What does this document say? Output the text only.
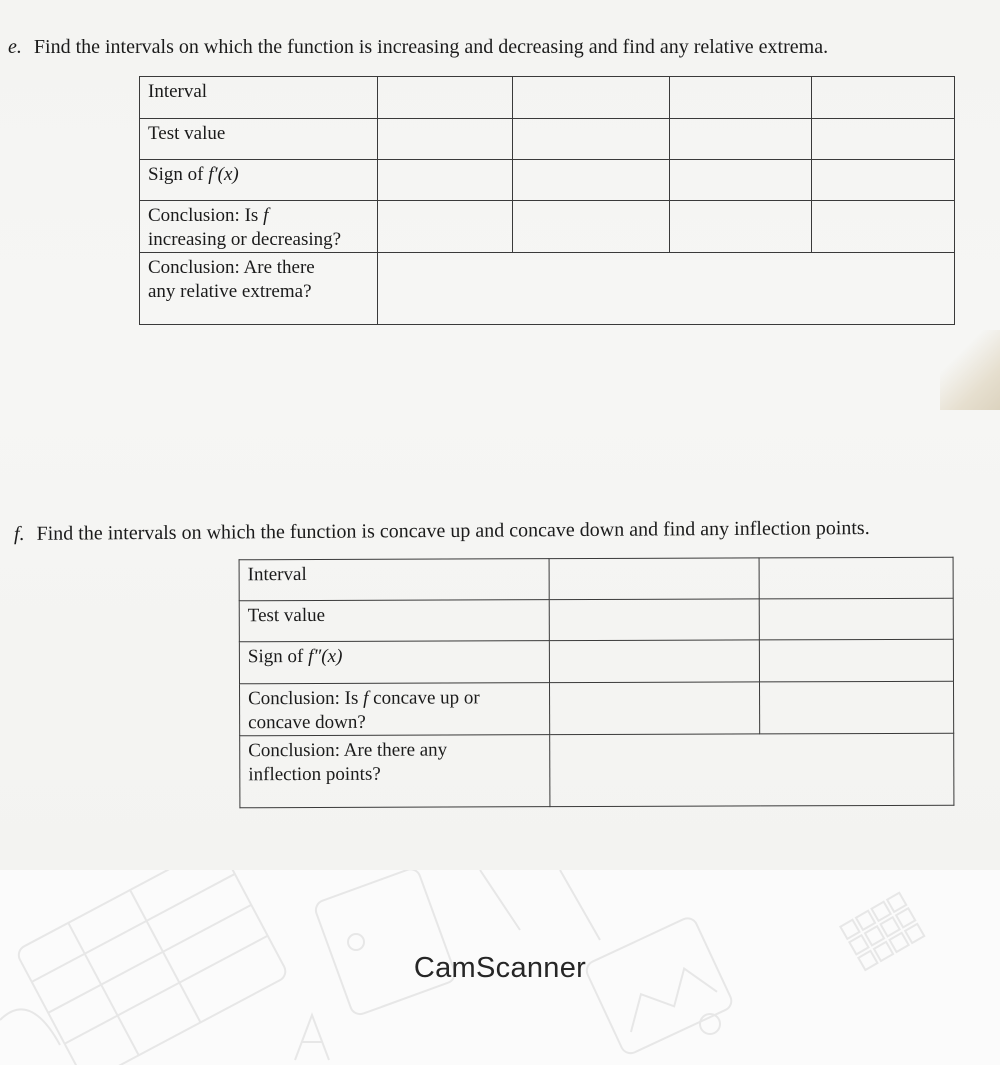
e. Find the intervals on which the function is increasing and decreasing and find any relative extrema.
Interval				
Test value				
Sign of f′(x)				
Conclusion: Is f
increasing or decreasing?				
Conclusion: Are there
any relative extrema?				
f. Find the intervals on which the function is concave up and concave down and find any inflection points.
Interval		
Test value		
Sign of f″(x)		
Conclusion: Is f concave up or
concave down?		
Conclusion: Are there any
inflection points?		
CamScanner
